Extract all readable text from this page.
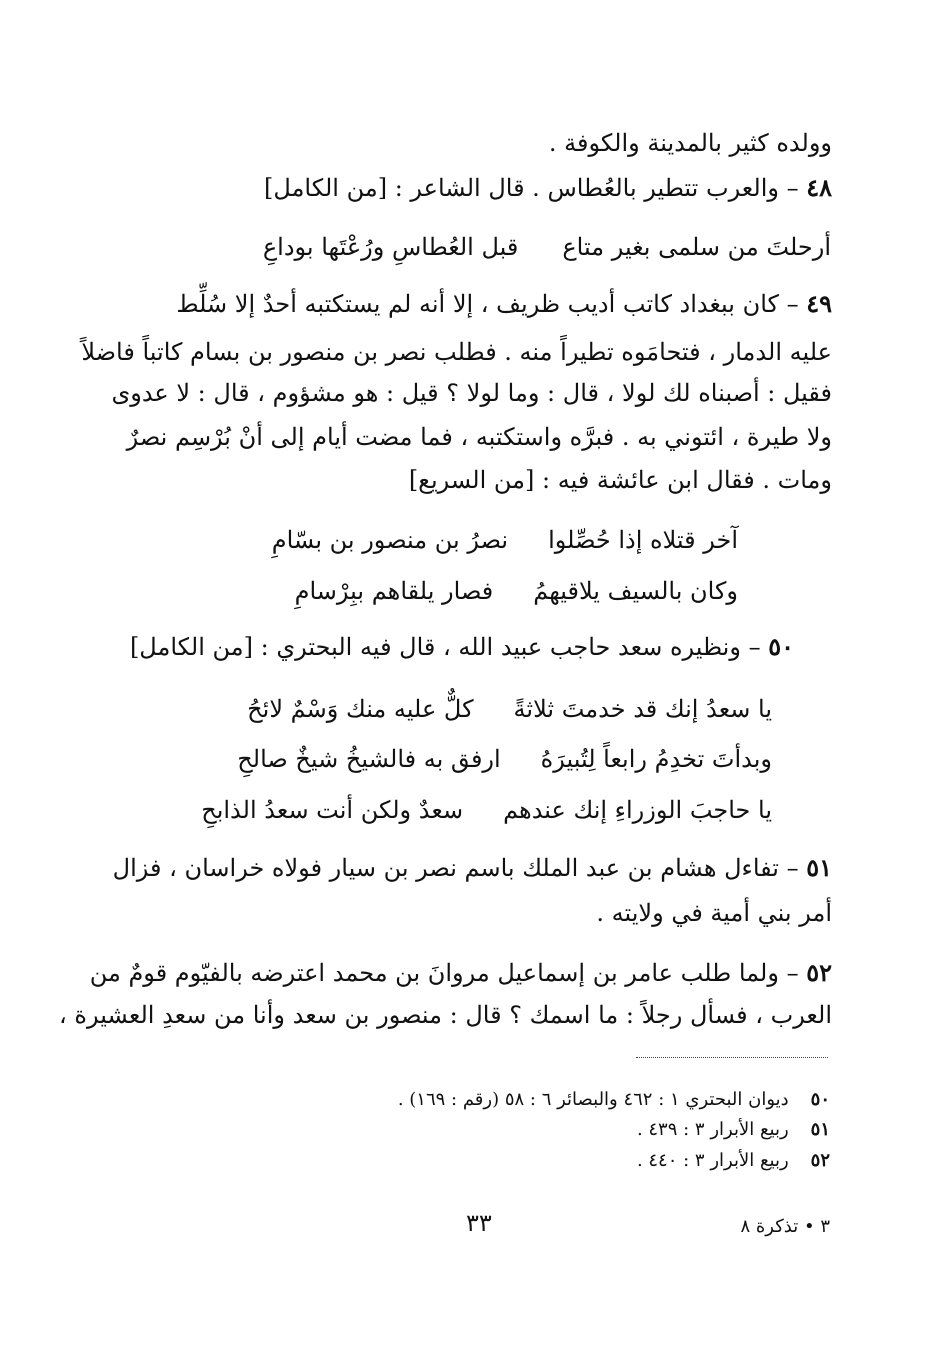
وولده كثير بالمدينة والكوفة .
٤٨ – والعرب تتطير بالعُطاس . قال الشاعر : [من الكامل]
أرحلتَ من سلمى بغير متاعقبل العُطاسِ ورُعْتَها بوداعِ
٤٩ – كان ببغداد كاتب أديب ظريف ، إلا أنه لم يستكتبه أحدٌ إلا سُلِّط
عليه الدمار ، فتحامَوه تطيراً منه . فطلب نصر بن منصور بن بسام كاتباً فاضلاً
فقيل : أصبناه لك لولا ، قال : وما لولا ؟ قيل : هو مشؤوم ، قال : لا عدوى
ولا طيرة ، ائتوني به . فبرَّه واستكتبه ، فما مضت أيام إلى أنْ بُرْسِم نصرٌ
ومات . فقال ابن عائشة فيه : [من السريع]
آخر قتلاه إذا حُصِّلوانصرُ بن منصور بن بسّامِ
وكان بالسيف يلاقيهمُفصار يلقاهم ببِرْسامِ
٥٠ – ونظيره سعد حاجب عبيد الله ، قال فيه البحتري : [من الكامل]
يا سعدُ إنك قد خدمتَ ثلاثةًكلٌّ عليه منك وَسْمٌ لائحُ
وبدأتَ تخدِمُ رابعاً لِتُبيرَهُارفق به فالشيخُ شيخٌ صالحِ
يا حاجبَ الوزراءِ إنك عندهمسعدٌ ولكن أنت سعدُ الذابحِ
٥١ – تفاءل هشام بن عبد الملك باسم نصر بن سيار فولاه خراسان ، فزال
أمر بني أمية في ولايته .
٥٢ – ولما طلب عامر بن إسماعيل مروانَ بن محمد اعترضه بالفيّوم قومٌ من
العرب ، فسأل رجلاً : ما اسمك ؟ قال : منصور بن سعد وأنا من سعدِ العشيرة ،
٥٠ديوان البحتري ١ : ٤٦٢ والبصائر ٦ : ٥٨ (رقم : ١٦٩) .
٥١ربيع الأبرار ٣ : ٤٣٩ .
٥٢ربيع الأبرار ٣ : ٤٤٠ .
٣٣	٣ • تذكرة ٨
